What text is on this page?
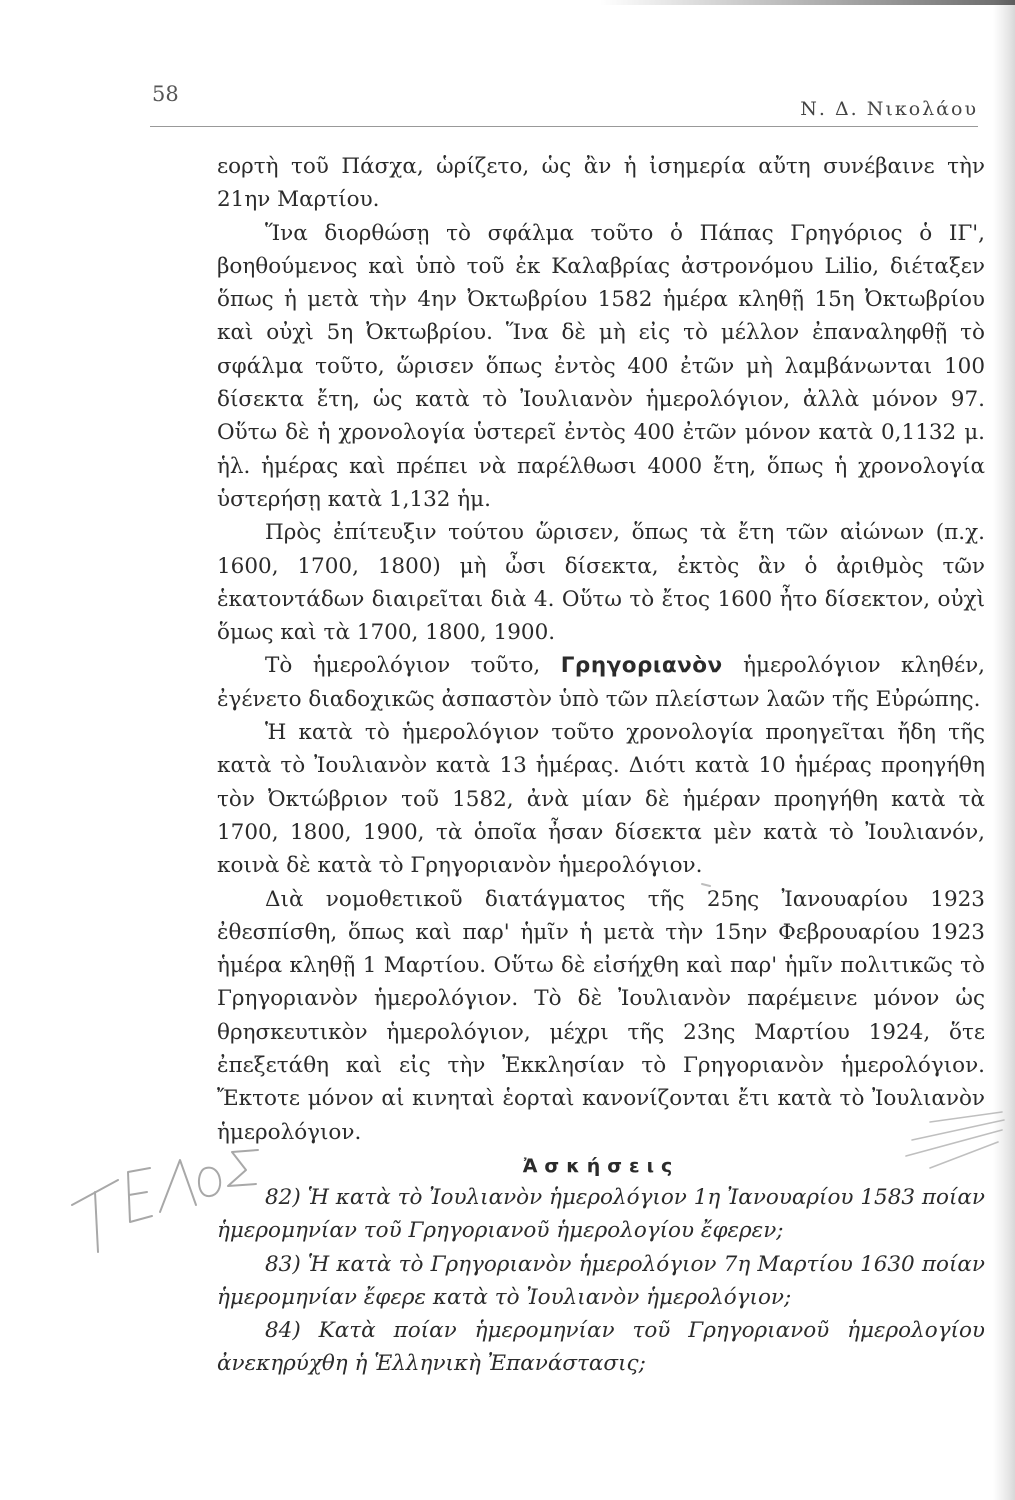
58
Ν. Δ. Νικολάου

εορτὴ τοῦ Πάσχα, ὡρίζετο, ὡς ἂν ἡ ἰσημερία αὔτη συνέβαινε τὴν 21ην Μαρτίου.

Ἵνα διορθώσῃ τὸ σφάλμα τοῦτο ὁ Πάπας Γρηγόριος ὁ ΙΓ', βοηθούμενος καὶ ὑπὸ τοῦ ἐκ Καλαβρίας ἀστρονόμου Lilio, διέταξεν ὅπως ἡ μετὰ τὴν 4ην Ὀκτωβρίου 1582 ἡμέρα κληθῇ 15η Ὀκτωβρίου καὶ οὐχὶ 5η Ὀκτωβρίου. Ἵνα δὲ μὴ εἰς τὸ μέλλον ἐπαναληφθῇ τὸ σφάλμα τοῦτο, ὥρισεν ὅπως ἐντὸς 400 ἐτῶν μὴ λαμβάνωνται 100 δίσεκτα ἔτη, ὡς κατὰ τὸ Ἰουλιανὸν ἡμερολόγιον, ἀλλὰ μόνον 97. Οὕτω δὲ ἡ χρονολογία ὑστερεῖ ἐντὸς 400 ἐτῶν μόνον κατὰ 0,1132 μ. ἡλ. ἡμέρας καὶ πρέπει νὰ παρέλθωσι 4000 ἔτη, ὅπως ἡ χρονολογία ὑστερήσῃ κατὰ 1,132 ἡμ.

Πρὸς ἐπίτευξιν τούτου ὥρισεν, ὅπως τὰ ἔτη τῶν αἰώνων (π.χ. 1600, 1700, 1800) μὴ ὦσι δίσεκτα, ἐκτὸς ἂν ὁ ἀριθμὸς τῶν ἑκατοντάδων διαιρεῖται διὰ 4. Οὕτω τὸ ἔτος 1600 ἦτο δίσεκτον, οὐχὶ ὅμως καὶ τὰ 1700, 1800, 1900.

Τὸ ἡμερολόγιον τοῦτο, Γρηγοριανὸν ἡμερολόγιον κληθέν, ἐγένετο διαδοχικῶς ἀσπαστὸν ὑπὸ τῶν πλείστων λαῶν τῆς Εὐρώπης.

Ἡ κατὰ τὸ ἡμερολόγιον τοῦτο χρονολογία προηγεῖται ἤδη τῆς κατὰ τὸ Ἰουλιανὸν κατὰ 13 ἡμέρας. Διότι κατὰ 10 ἡμέρας προηγήθη τὸν Ὀκτώβριον τοῦ 1582, ἀνὰ μίαν δὲ ἡμέραν προηγήθη κατὰ τὰ 1700, 1800, 1900, τὰ ὁποῖα ἦσαν δίσεκτα μὲν κατὰ τὸ Ἰουλιανόν, κοινὰ δὲ κατὰ τὸ Γρηγοριανὸν ἡμερολόγιον.

Διὰ νομοθετικοῦ διατάγματος τῆς 25ης Ἰανουαρίου 1923 ἐθεσπίσθη, ὅπως καὶ παρ' ἡμῖν ἡ μετὰ τὴν 15ην Φεβρουαρίου 1923 ἡμέρα κληθῇ 1 Μαρτίου. Οὕτω δὲ εἰσήχθη καὶ παρ' ἡμῖν πολιτικῶς τὸ Γρηγοριανὸν ἡμερολόγιον. Τὸ δὲ Ἰουλιανὸν παρέμεινε μόνον ὡς θρησκευτικὸν ἡμερολόγιον, μέχρι τῆς 23ης Μαρτίου 1924, ὅτε ἐπεξετάθη καὶ εἰς τὴν Ἐκκλησίαν τὸ Γρηγοριανὸν ἡμερολόγιον. Ἔκτοτε μόνον αἱ κινηταὶ ἑορταὶ κανονίζονται ἔτι κατὰ τὸ Ἰουλιανὸν ἡμερολόγιον.

Ἀσκήσεις

82) Ἡ κατὰ τὸ Ἰουλιανὸν ἡμερολόγιον 1η Ἰανουαρίου 1583 ποίαν ἡμερομηνίαν τοῦ Γρηγοριανοῦ ἡμερολογίου ἔφερεν;

83) Ἡ κατὰ τὸ Γρηγοριανὸν ἡμερολόγιον 7η Μαρτίου 1630 ποίαν ἡμερομηνίαν ἔφερε κατὰ τὸ Ἰουλιανὸν ἡμερολόγιον;

84) Κατὰ ποίαν ἡμερομηνίαν τοῦ Γρηγοριανοῦ ἡμερολογίου ἀνεκηρύχθη ἡ Ἑλληνικὴ Ἐπανάστασις;
